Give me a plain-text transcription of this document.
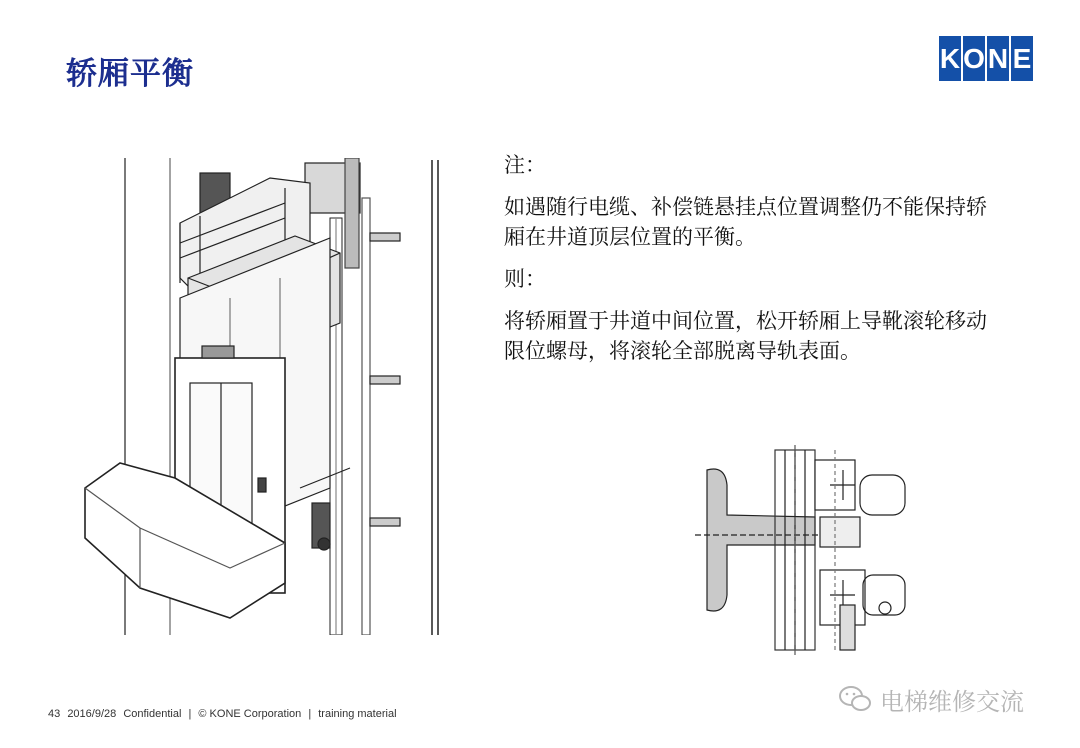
轿厢平衡	K O N E

注：

如遇随行电缆、补偿链悬挂点位置调整仍不能保持轿厢在井道顶层位置的平衡。

则：

将轿厢置于井道中间位置，松开轿厢上导靴滚轮移动限位螺母，将滚轮全部脱离导轨表面。

43 2016/9/28 Confidential | © KONE Corporation | training material	电梯维修交流
